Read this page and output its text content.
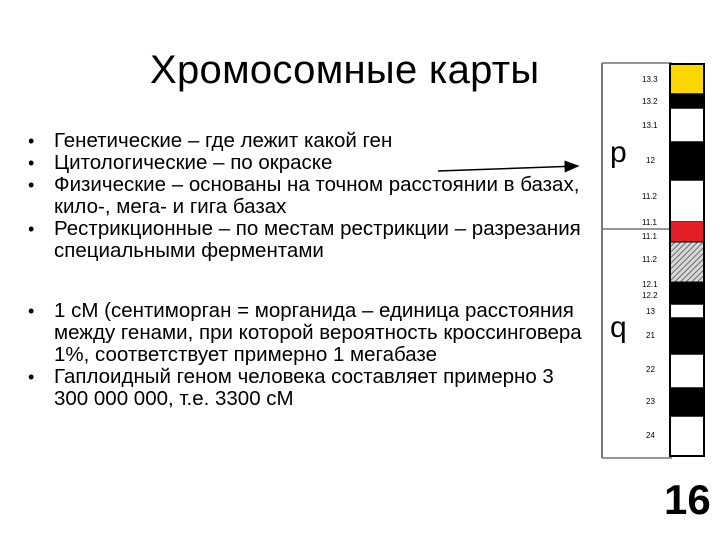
Хромосомные карты
• Генетические – где лежит какой ген
• Цитологические – по окраске
• Физические – основаны на точном расстоянии в базах, кило-, мега- и гига базах
• Рестрикционные – по местам рестрикции – разрезания специальными ферментами
• 1 сМ (сентиморган = морганида – единица расстояния между генами, при которой вероятность кроссинговера 1%, соответствует примерно 1 мегабазе
• Гаплоидный геном человека составляет примерно 3 300 000 000, т.е. 3300 сМ
13.3
13.2
13.1
12
11.2
11.1
11.1
11.2
12.1
12.2
13
21
22
23
24
p
q
16
